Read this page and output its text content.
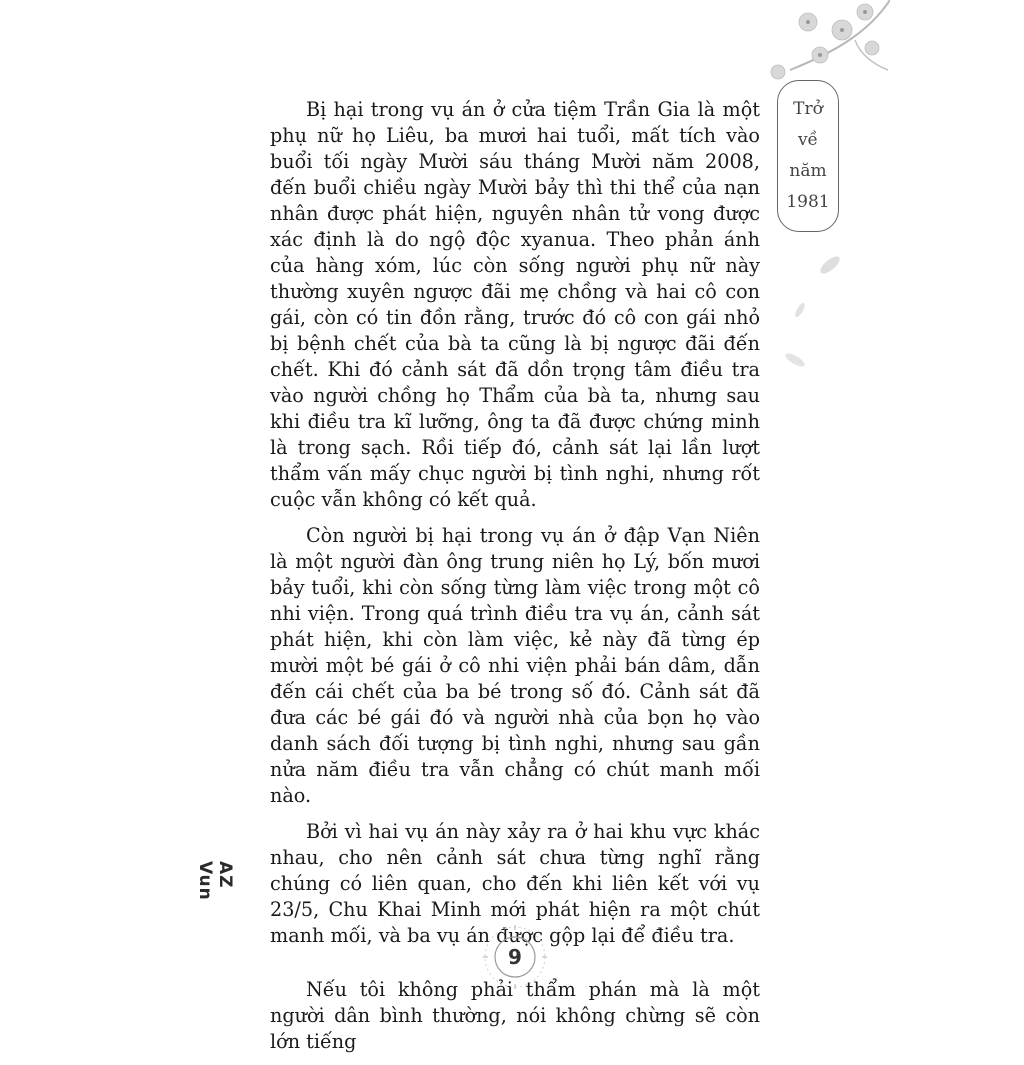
Trở
về
năm
1981

Bị hại trong vụ án ở cửa tiệm Trần Gia là một phụ nữ họ Liêu, ba mươi hai tuổi, mất tích vào buổi tối ngày Mười sáu tháng Mười năm 2008, đến buổi chiều ngày Mười bảy thì thi thể của nạn nhân được phát hiện, nguyên nhân tử vong được xác định là do ngộ độc xyanua. Theo phản ánh của hàng xóm, lúc còn sống người phụ nữ này thường xuyên ngược đãi mẹ chồng và hai cô con gái, còn có tin đồn rằng, trước đó cô con gái nhỏ bị bệnh chết của bà ta cũng là bị ngược đãi đến chết. Khi đó cảnh sát đã dồn trọng tâm điều tra vào người chồng họ Thẩm của bà ta, nhưng sau khi điều tra kĩ lưỡng, ông ta đã được chứng minh là trong sạch. Rồi tiếp đó, cảnh sát lại lần lượt thẩm vấn mấy chục người bị tình nghi, nhưng rốt cuộc vẫn không có kết quả.

Còn người bị hại trong vụ án ở đập Vạn Niên là một người đàn ông trung niên họ Lý, bốn mươi bảy tuổi, khi còn sống từng làm việc trong một cô nhi viện. Trong quá trình điều tra vụ án, cảnh sát phát hiện, khi còn làm việc, kẻ này đã từng ép mười một bé gái ở cô nhi viện phải bán dâm, dẫn đến cái chết của ba bé trong số đó. Cảnh sát đã đưa các bé gái đó và người nhà của bọn họ vào danh sách đối tượng bị tình nghi, nhưng sau gần nửa năm điều tra vẫn chẳng có chút manh mối nào.

Bởi vì hai vụ án này xảy ra ở hai khu vực khác nhau, cho nên cảnh sát chưa từng nghĩ rằng chúng có liên quan, cho đến khi liên kết với vụ 23/5, Chu Khai Minh mới phát hiện ra một chút manh mối, và ba vụ án được gộp lại để điều tra.

Nếu tôi không phải thẩm phán mà là một người dân bình thường, nói không chừng sẽ còn lớn tiếng

AZ Vun
9
